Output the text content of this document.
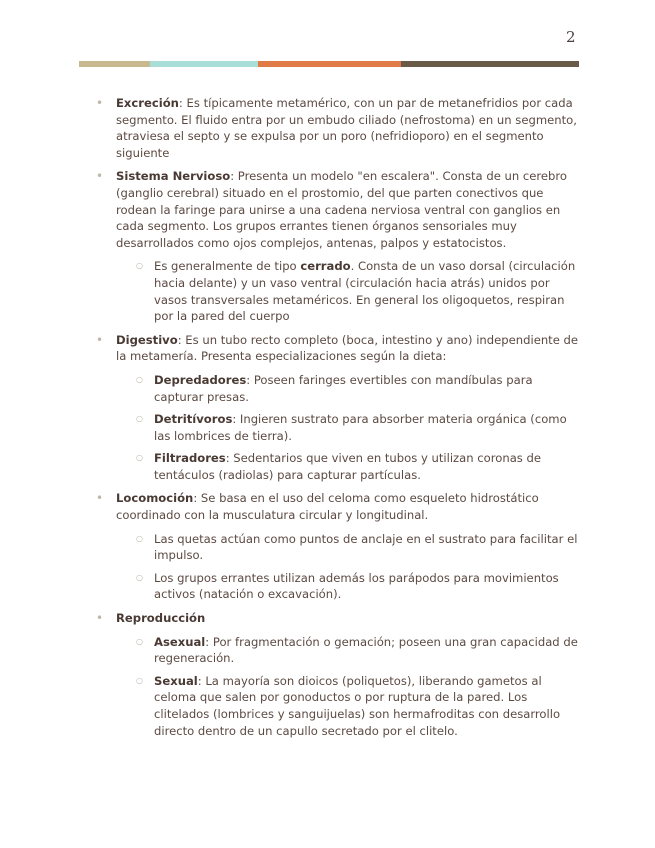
2
• Excreción: Es típicamente metamérico, con un par de metanefridios por cada segmento. El fluido entra por un embudo ciliado (nefrostoma) en un segmento, atraviesa el septo y se expulsa por un poro (nefridioporo) en el segmento siguiente
• Sistema Nervioso: Presenta un modelo "en escalera". Consta de un cerebro (ganglio cerebral) situado en el prostomio, del que parten conectivos que rodean la faringe para unirse a una cadena nerviosa ventral con ganglios en cada segmento. Los grupos errantes tienen órganos sensoriales muy desarrollados como ojos complejos, antenas, palpos y estatocistos.
○ Es generalmente de tipo cerrado. Consta de un vaso dorsal (circulación hacia delante) y un vaso ventral (circulación hacia atrás) unidos por vasos transversales metaméricos. En general los oligoquetos, respiran por la pared del cuerpo
• Digestivo: Es un tubo recto completo (boca, intestino y ano) independiente de la metamería. Presenta especializaciones según la dieta:
○ Depredadores: Poseen faringes evertibles con mandíbulas para capturar presas.
○ Detritívoros: Ingieren sustrato para absorber materia orgánica (como las lombrices de tierra).
○ Filtradores: Sedentarios que viven en tubos y utilizan coronas de tentáculos (radiolas) para capturar partículas.
• Locomoción: Se basa en el uso del celoma como esqueleto hidrostático coordinado con la musculatura circular y longitudinal.
○ Las quetas actúan como puntos de anclaje en el sustrato para facilitar el impulso.
○ Los grupos errantes utilizan además los parápodos para movimientos activos (natación o excavación).
• Reproducción
○ Asexual: Por fragmentación o gemación; poseen una gran capacidad de regeneración.
○ Sexual: La mayoría son dioicos (poliquetos), liberando gametos al celoma que salen por gonoductos o por ruptura de la pared. Los clitelados (lombrices y sanguijuelas) son hermafroditas con desarrollo directo dentro de un capullo secretado por el clitelo.
